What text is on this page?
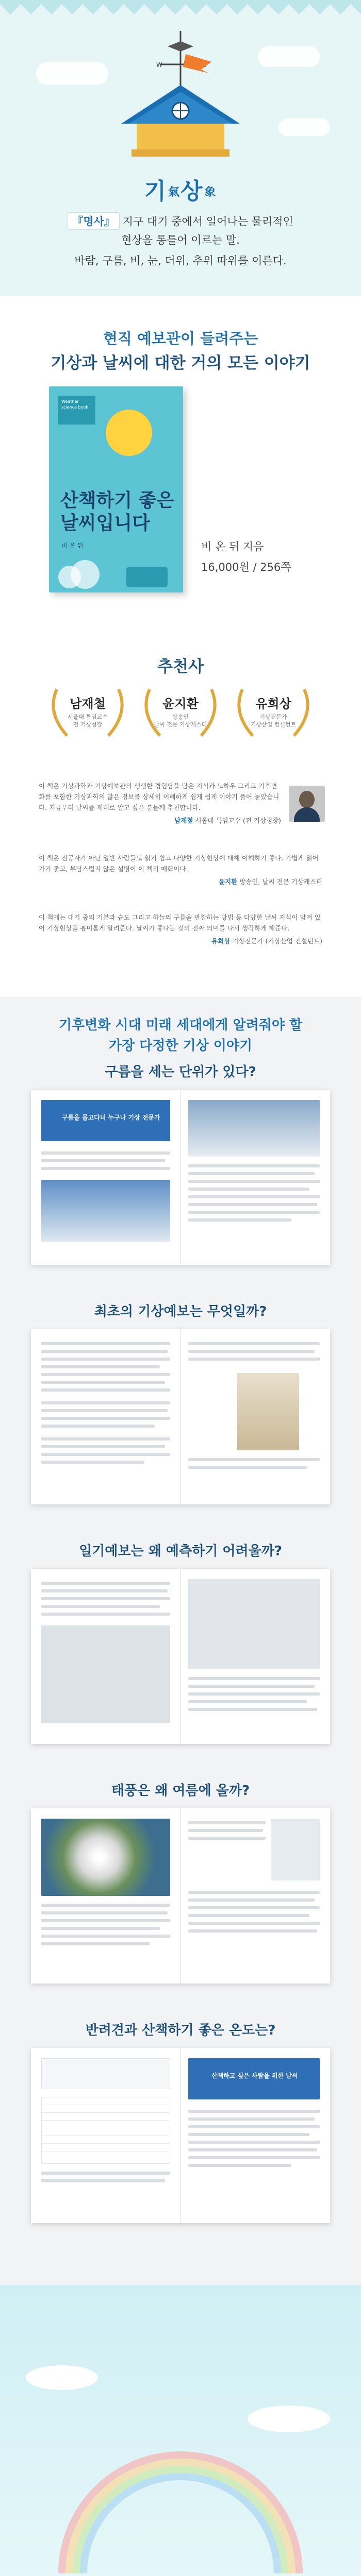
W
기氣상象
『명사』 지구 대기 중에서 일어나는 물리적인
현상을 통틀어 이르는 말.
바람, 구름, 비, 눈, 더위, 추위 따위를 이른다.
현직 예보관이 들려주는
기상과 날씨에 대한 거의 모든 이야기
Weather science book
산책하기 좋은
날씨입니다
비 온 뒤	비 온 뒤 지음
16,000원 / 256쪽
추천사
남재철
서울대 특임교수
전 기상청장
윤지환
방송인
날씨 전문 기상캐스터
유희상
기상전문가
기상산업 컨설턴트
이 책은 기상과학과 기상예보관의 생생한 경험담을 담은 지식과 노하우 그리고 기후변화를 포함한 기상과학의 많은 정보를 상세히 이해하게 쉽게 쉽게 이야기 풀어 놓았습니다. 지금부터 날씨를 제대로 알고 싶은 분들께 추천합니다.
남재철 서울대 특임교수 (전 기상청장)
이 책은 전공자가 아닌 일반 사람들도 읽기 쉽고 다양한 기상현상에 대해 이해하기 좋다. 가볍게 읽어가기 좋고, 부담스럽지 않은 설명이 이 책의 매력이다.
윤지환 방송인, 날씨 전문 기상캐스터
이 책에는 대기 중의 기본과 습도 그리고 하늘의 구름을 관찰하는 방법 등 다양한 날씨 지식이 담겨 있어 기상현상을 흥미롭게 알려준다. 날씨가 좋다는 것의 진짜 의미를 다시 생각하게 해준다.
유희상 기상전문가 (기상산업 컨설턴트)
기후변화 시대 미래 세대에게 알려줘야 할
가장 다정한 기상 이야기
구름을 세는 단위가 있다?
구름을 몰고다녀 누구나 기상 전문가
최초의 기상예보는 무엇일까?
일기예보는 왜 예측하기 어려울까?
태풍은 왜 여름에 올까?
반려견과 산책하기 좋은 온도는?
산책하고 싶은 사람을 위한 날씨
